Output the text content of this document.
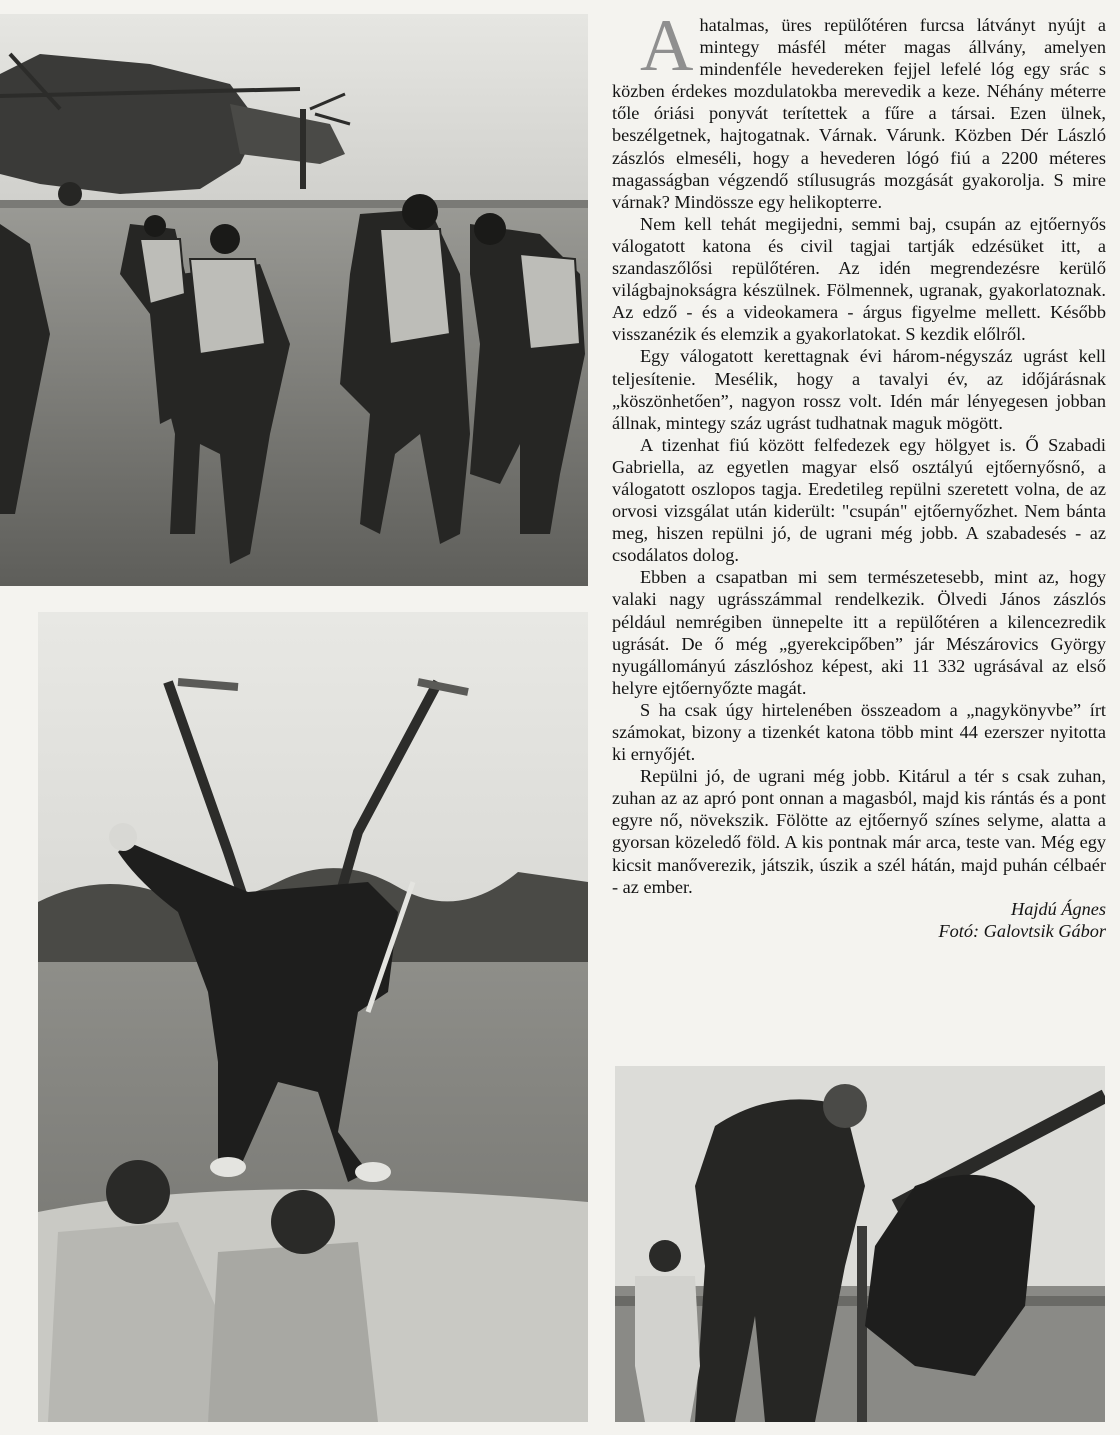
Ahatalmas, üres repülőtéren furcsa látványt nyújt a mintegy másfél méter magas állvány, amelyen mindenféle hevedereken fejjel lefelé lóg egy srác s közben érdekes mozdulatokba merevedik a keze. Néhány méterre tőle óriási ponyvát terítettek a fűre a társai. Ezen ülnek, beszélgetnek, hajtogatnak. Várnak. Várunk. Közben Dér László zászlós elmeséli, hogy a hevederen lógó fiú a 2200 méteres magasságban végzendő stílusugrás mozgását gyakorolja. S mire várnak? Mindössze egy helikopterre.

Nem kell tehát megijedni, semmi baj, csupán az ejtőernyős válogatott katona és civil tagjai tartják edzésüket itt, a szandaszőlősi repülőtéren. Az idén megrendezésre kerülő világbajnokságra készülnek. Fölmennek, ugranak, gyakorlatoznak. Az edző - és a videokamera - árgus figyelme mellett. Később visszanézik és elemzik a gyakorlatokat. S kezdik előlről.

Egy válogatott kerettagnak évi három-négyszáz ugrást kell teljesítenie. Mesélik, hogy a tavalyi év, az időjárásnak „köszönhetően”, nagyon rossz volt. Idén már lényegesen jobban állnak, mintegy száz ugrást tudhatnak maguk mögött.

A tizenhat fiú között felfedezek egy hölgyet is. Ő Szabadi Gabriella, az egyetlen magyar első osztályú ejtőernyősnő, a válogatott oszlopos tagja. Eredetileg repülni szeretett volna, de az orvosi vizsgálat után kiderült: "csupán" ejtőernyőzhet. Nem bánta meg, hiszen repülni jó, de ugrani még jobb. A szabadesés - az csodálatos dolog.

Ebben a csapatban mi sem természetesebb, mint az, hogy valaki nagy ugrásszámmal rendelkezik. Ölvedi János zászlós például nemrégiben ünnepelte itt a repülőtéren a kilencezredik ugrását. De ő még „gyerekcipőben” jár Mészárovics György nyugállományú zászlóshoz képest, aki 11 332 ugrásával az első helyre ejtőernyőzte magát.

S ha csak úgy hirtelenében összeadom a „nagykönyvbe” írt számokat, bizony a tizenkét katona több mint 44 ezerszer nyitotta ki ernyőjét.

Repülni jó, de ugrani még jobb. Kitárul a tér s csak zuhan, zuhan az az apró pont onnan a magasból, majd kis rántás és a pont egyre nő, növekszik. Fölötte az ejtőernyő színes selyme, alatta a gyorsan közeledő föld. A kis pontnak már arca, teste van. Még egy kicsit manőverezik, játszik, úszik a szél hátán, majd puhán célbaér - az ember.

Hajdú Ágnes

Fotó: Galovtsik Gábor
